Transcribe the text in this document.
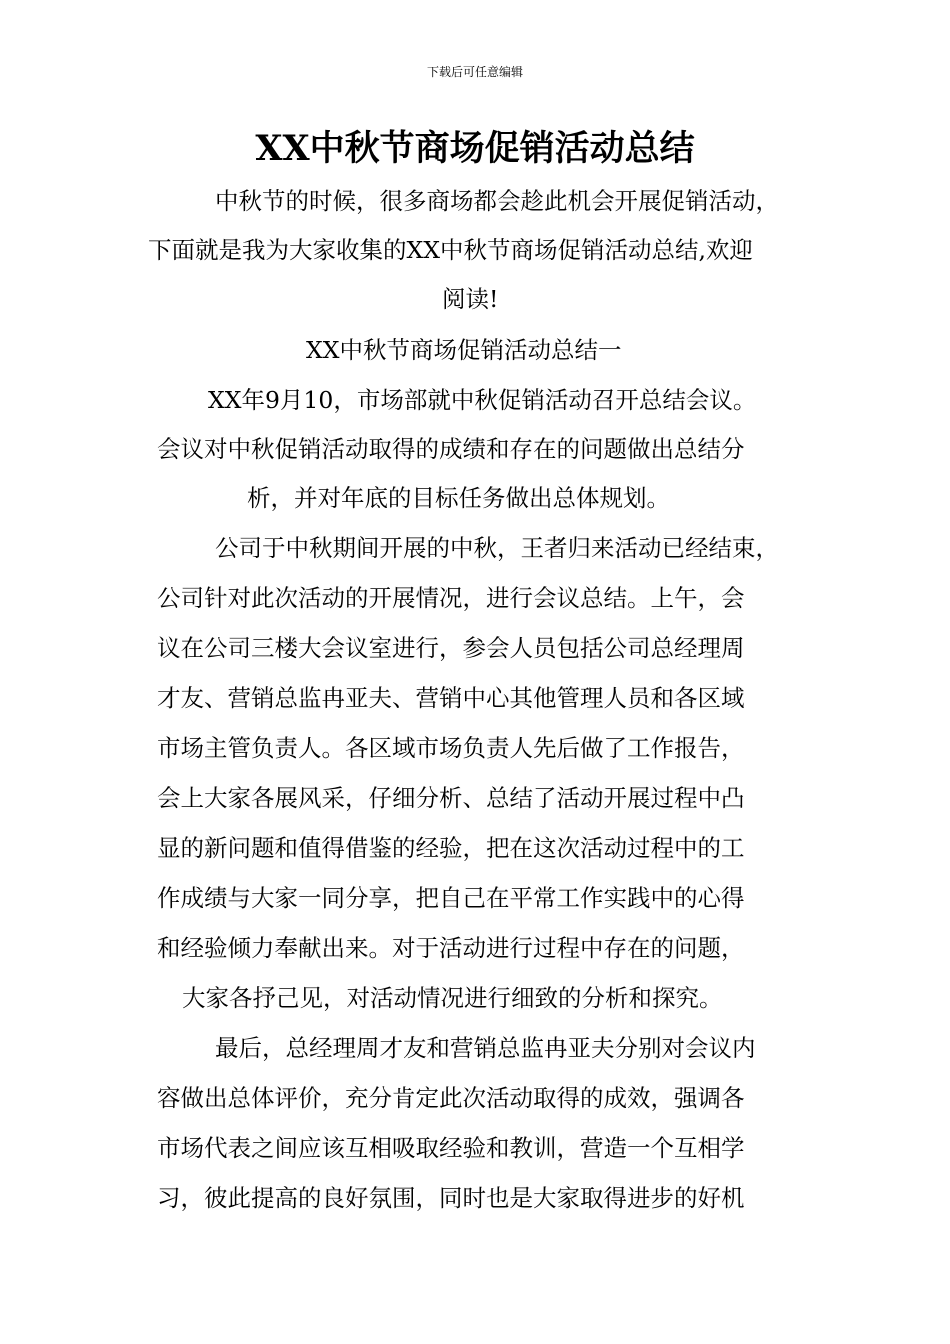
下载后可任意编辑
XX中秋节商场促销活动总结
中秋节的时候，很多商场都会趁此机会开展促销活动，
下面就是我为大家收集的XX中秋节商场促销活动总结,欢迎
阅读!
XX中秋节商场促销活动总结一
XX年9月10，市场部就中秋促销活动召开总结会议。
会议对中秋促销活动取得的成绩和存在的问题做出总结分
析，并对年底的目标任务做出总体规划。
公司于中秋期间开展的中秋，王者归来活动已经结束，
公司针对此次活动的开展情况，进行会议总结。上午，会
议在公司三楼大会议室进行，参会人员包括公司总经理周
才友、营销总监冉亚夫、营销中心其他管理人员和各区域
市场主管负责人。各区域市场负责人先后做了工作报告，
会上大家各展风采，仔细分析、总结了活动开展过程中凸
显的新问题和值得借鉴的经验，把在这次活动过程中的工
作成绩与大家一同分享，把自己在平常工作实践中的心得
和经验倾力奉献出来。对于活动进行过程中存在的问题，
大家各抒己见，对活动情况进行细致的分析和探究。
最后，总经理周才友和营销总监冉亚夫分别对会议内
容做出总体评价，充分肯定此次活动取得的成效，强调各
市场代表之间应该互相吸取经验和教训，营造一个互相学
习，彼此提高的良好氛围，同时也是大家取得进步的好机
